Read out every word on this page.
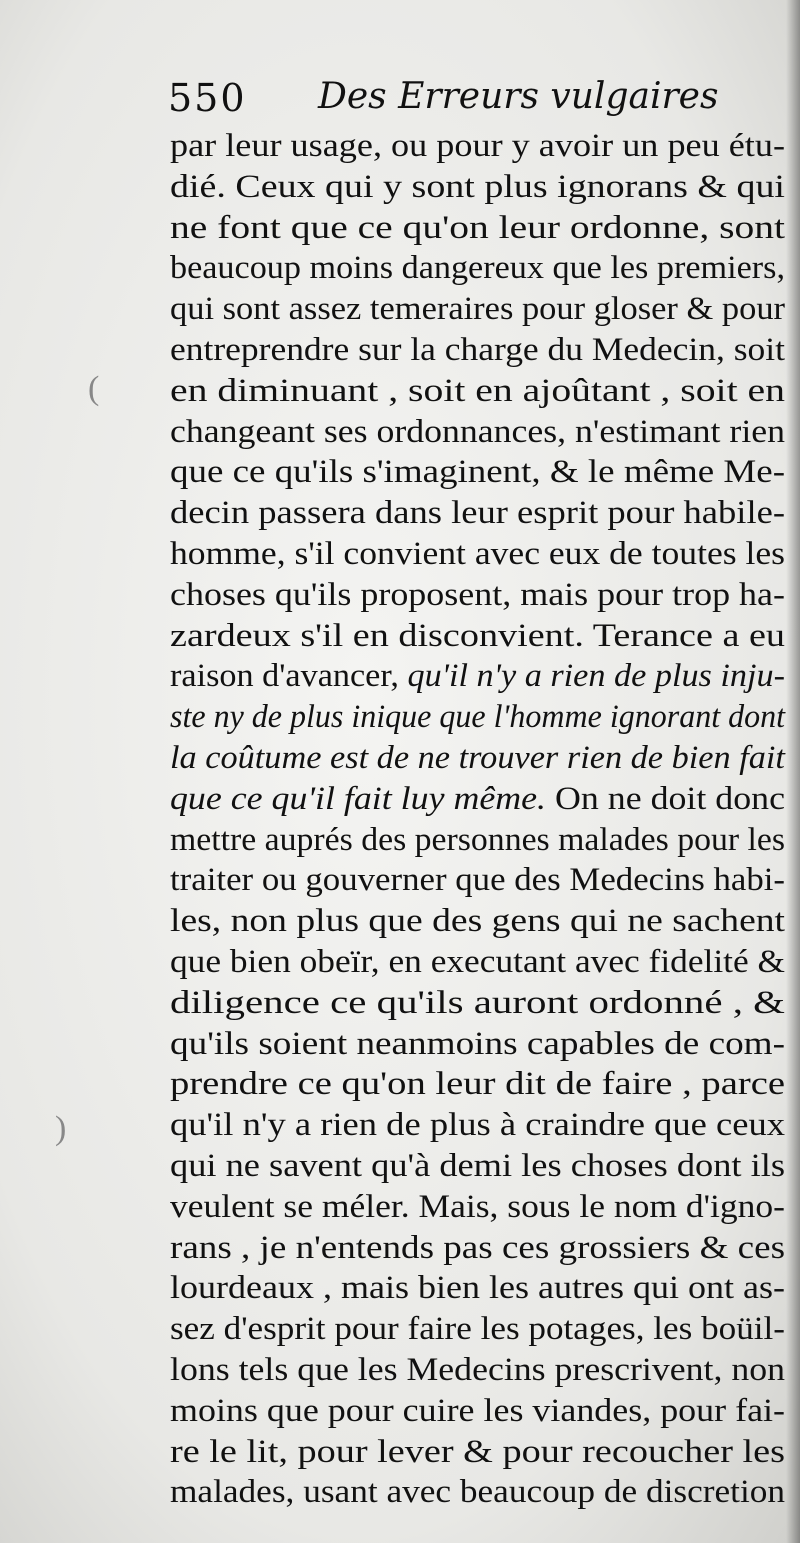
550 Des Erreurs vulgaires
par leur usage, ou pour y avoir un peu étu-
dié. Ceux qui y sont plus ignorans & qui
ne font que ce qu'on leur ordonne, sont
beaucoup moins dangereux que les premiers,
qui sont assez temeraires pour gloser & pour
entreprendre sur la charge du Medecin, soit
en diminuant , soit en ajoûtant , soit en
changeant ses ordonnances, n'estimant rien
que ce qu'ils s'imaginent, & le même Me-
decin passera dans leur esprit pour habile-
homme, s'il convient avec eux de toutes les
choses qu'ils proposent, mais pour trop ha-
zardeux s'il en disconvient. Terance a eu
raison d'avancer, qu'il n'y a rien de plus inju-
ste ny de plus inique que l'homme ignorant dont
la coûtume est de ne trouver rien de bien fait
que ce qu'il fait luy même. On ne doit donc
mettre auprés des personnes malades pour les
traiter ou gouverner que des Medecins habi-
les, non plus que des gens qui ne sachent
que bien obeïr, en executant avec fidelité &
diligence ce qu'ils auront ordonné , &
qu'ils soient neanmoins capables de com-
prendre ce qu'on leur dit de faire , parce
qu'il n'y a rien de plus à craindre que ceux
qui ne savent qu'à demi les choses dont ils
veulent se méler. Mais, sous le nom d'igno-
rans , je n'entends pas ces grossiers & ces
lourdeaux , mais bien les autres qui ont as-
sez d'esprit pour faire les potages, les boüil-
lons tels que les Medecins prescrivent, non
moins que pour cuire les viandes, pour fai-
re le lit, pour lever & pour recoucher les
malades, usant avec beaucoup de discretion
(
)
